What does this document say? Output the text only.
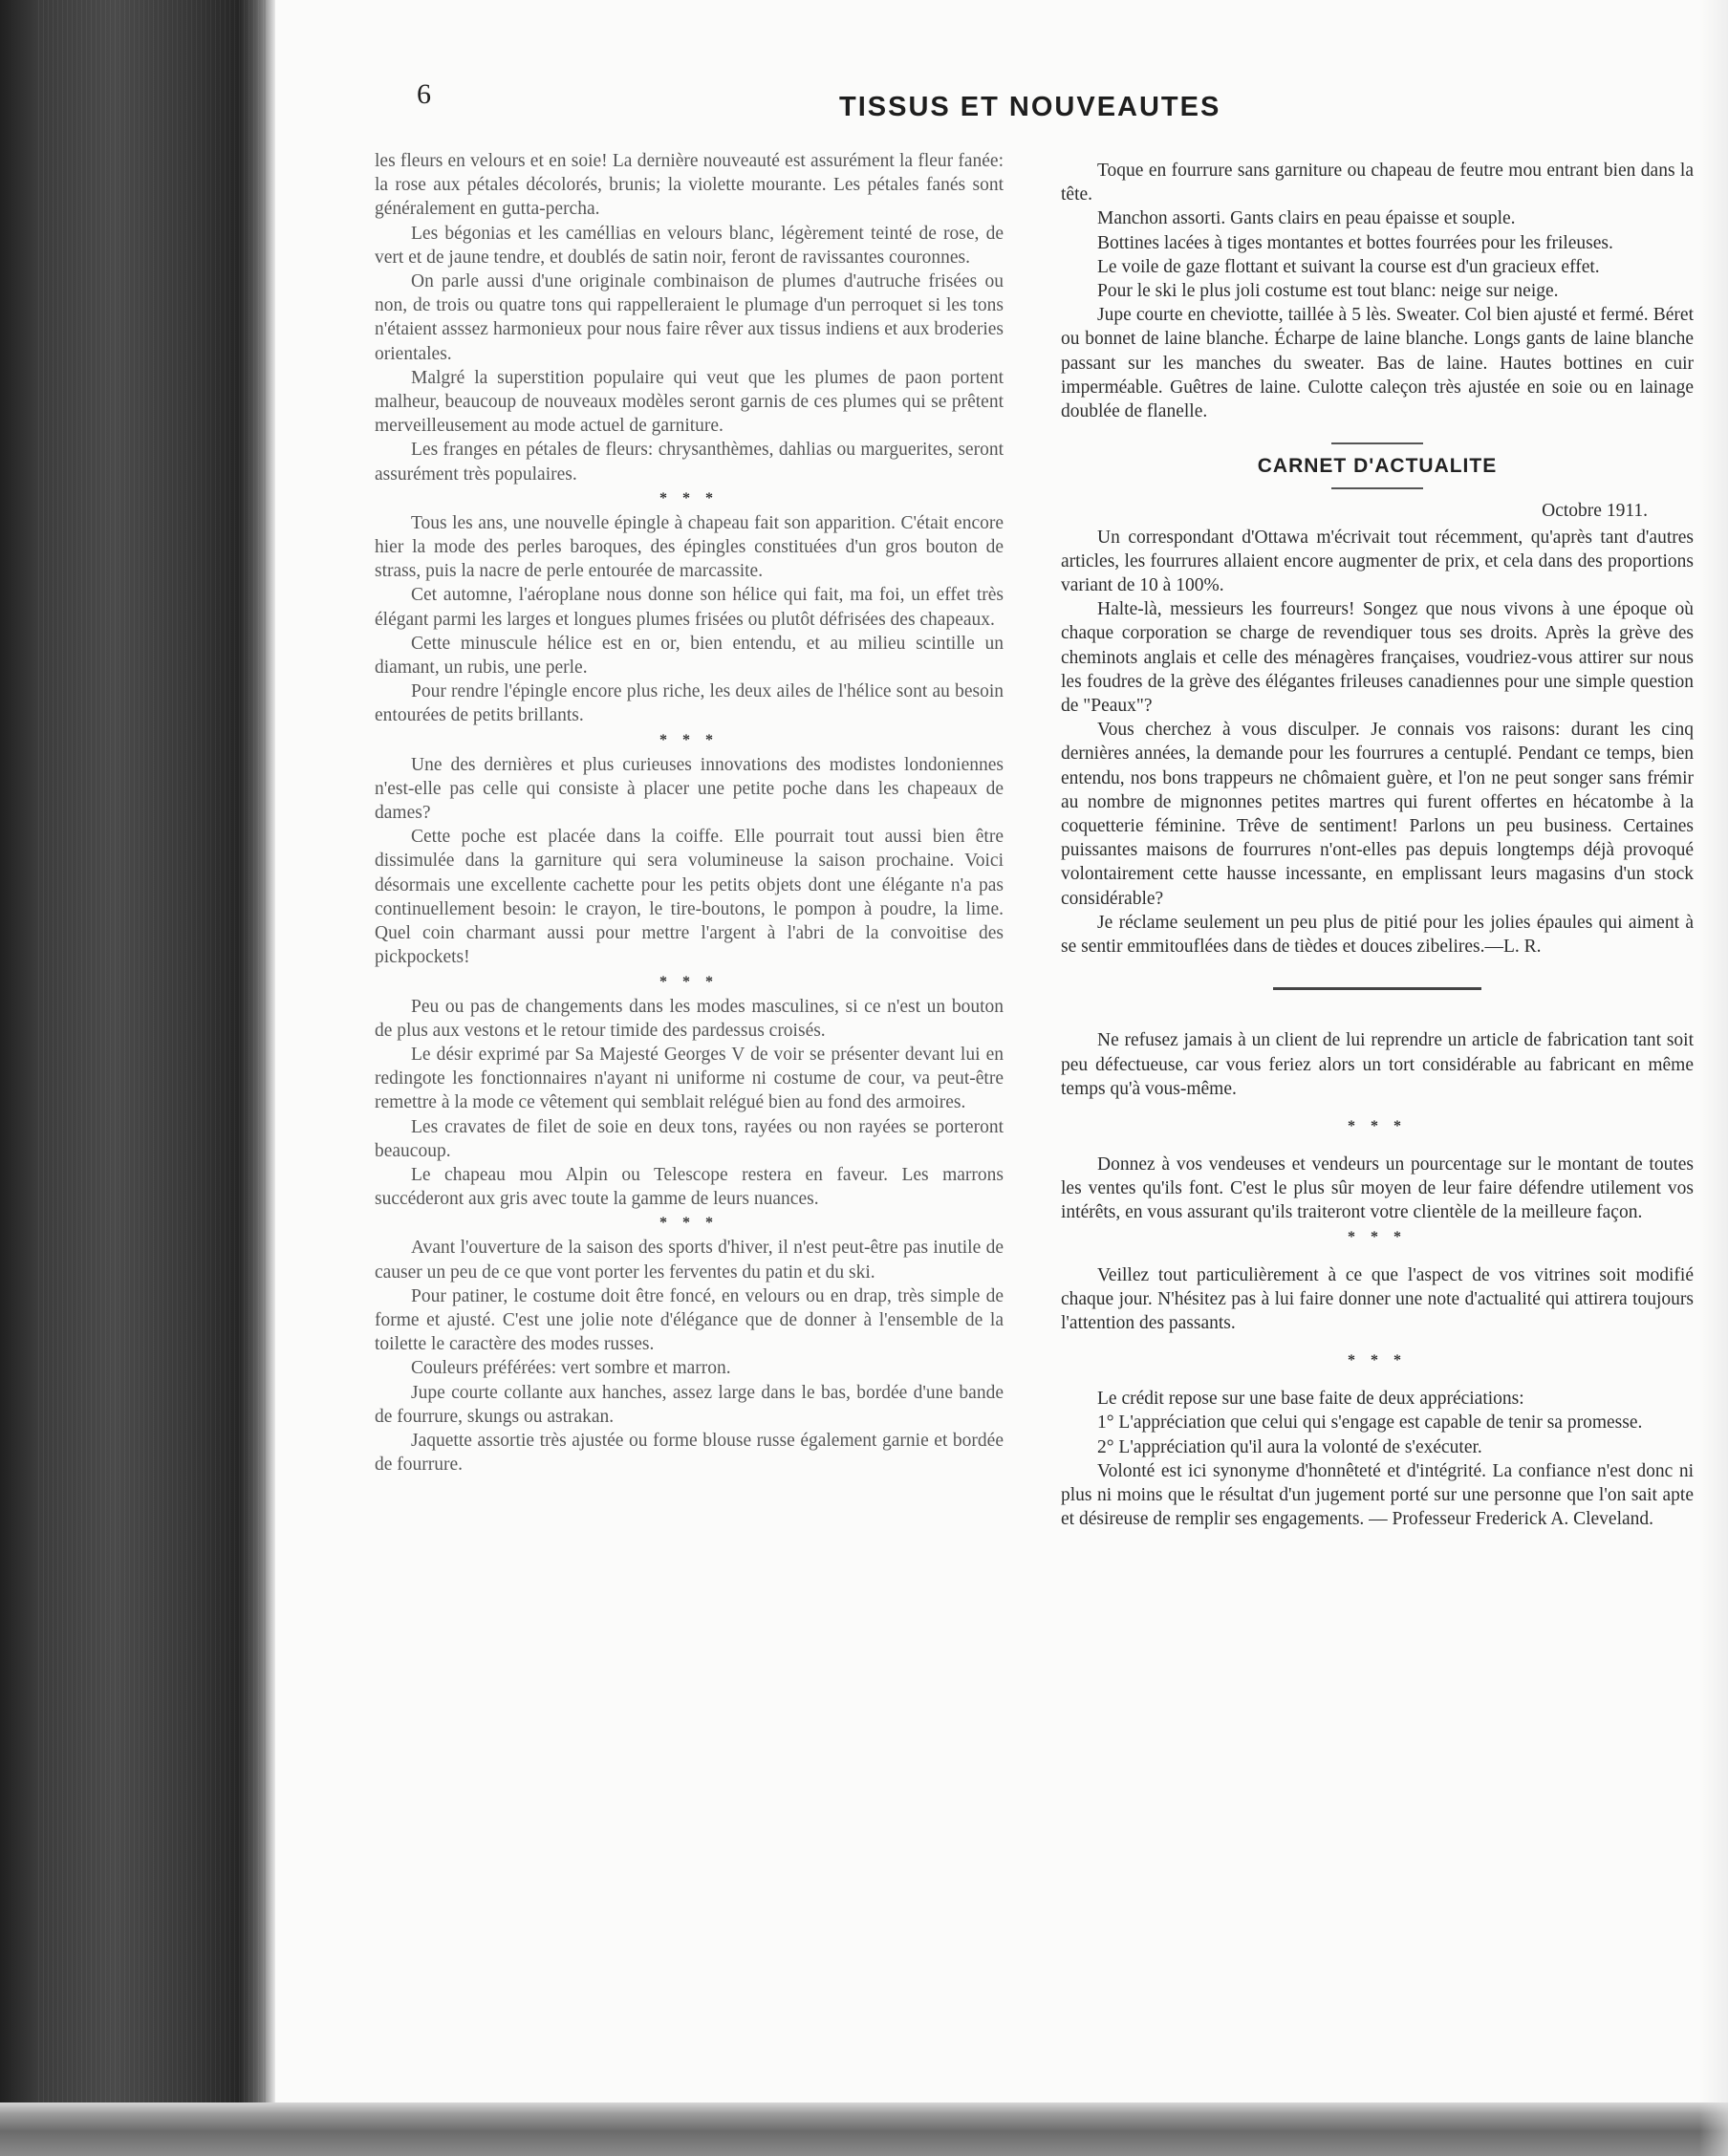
6	TISSUS ET NOUVEAUTES

les fleurs en velours et en soie! La dernière nouveauté est assurément la fleur fanée: la rose aux pétales décolorés, brunis; la violette mourante. Les pétales fanés sont généralement en gutta-percha.

Les bégonias et les caméllias en velours blanc, légèrement teinté de rose, de vert et de jaune tendre, et doublés de satin noir, feront de ravissantes couronnes.

On parle aussi d'une originale combinaison de plumes d'autruche frisées ou non, de trois ou quatre tons qui rappelleraient le plumage d'un perroquet si les tons n'étaient asssez harmonieux pour nous faire rêver aux tissus indiens et aux broderies orientales.

Malgré la superstition populaire qui veut que les plumes de paon portent malheur, beaucoup de nouveaux modèles seront garnis de ces plumes qui se prêtent merveilleusement au mode actuel de garniture.

Les franges en pétales de fleurs: chrysanthèmes, dahlias ou marguerites, seront assurément très populaires.

* * *

Tous les ans, une nouvelle épingle à chapeau fait son apparition. C'était encore hier la mode des perles baroques, des épingles constituées d'un gros bouton de strass, puis la nacre de perle entourée de marcassite.

Cet automne, l'aéroplane nous donne son hélice qui fait, ma foi, un effet très élégant parmi les larges et longues plumes frisées ou plutôt défrisées des chapeaux.

Cette minuscule hélice est en or, bien entendu, et au milieu scintille un diamant, un rubis, une perle.

Pour rendre l'épingle encore plus riche, les deux ailes de l'hélice sont au besoin entourées de petits brillants.

* * *

Une des dernières et plus curieuses innovations des modistes londoniennes n'est-elle pas celle qui consiste à placer une petite poche dans les chapeaux de dames?

Cette poche est placée dans la coiffe. Elle pourrait tout aussi bien être dissimulée dans la garniture qui sera volumineuse la saison prochaine. Voici désormais une excellente cachette pour les petits objets dont une élégante n'a pas continuellement besoin: le crayon, le tire-boutons, le pompon à poudre, la lime. Quel coin charmant aussi pour mettre l'argent à l'abri de la convoitise des pickpockets!

* * *

Peu ou pas de changements dans les modes masculines, si ce n'est un bouton de plus aux vestons et le retour timide des pardessus croisés.

Le désir exprimé par Sa Majesté Georges V de voir se présenter devant lui en redingote les fonctionnaires n'ayant ni uniforme ni costume de cour, va peut-être remettre à la mode ce vêtement qui semblait relégué bien au fond des armoires.

Les cravates de filet de soie en deux tons, rayées ou non rayées se porteront beaucoup.

Le chapeau mou Alpin ou Telescope restera en faveur. Les marrons succéderont aux gris avec toute la gamme de leurs nuances.

* * *

Avant l'ouverture de la saison des sports d'hiver, il n'est peut-être pas inutile de causer un peu de ce que vont porter les ferventes du patin et du ski.

Pour patiner, le costume doit être foncé, en velours ou en drap, très simple de forme et ajusté. C'est une jolie note d'élégance que de donner à l'ensemble de la toilette le caractère des modes russes.

Couleurs préférées: vert sombre et marron.

Jupe courte collante aux hanches, assez large dans le bas, bordée d'une bande de fourrure, skungs ou astrakan.

Jaquette assortie très ajustée ou forme blouse russe également garnie et bordée de fourrure.

Toque en fourrure sans garniture ou chapeau de feutre mou entrant bien dans la tête.

Manchon assorti. Gants clairs en peau épaisse et souple.

Bottines lacées à tiges montantes et bottes fourrées pour les frileuses.

Le voile de gaze flottant et suivant la course est d'un gracieux effet.

Pour le ski le plus joli costume est tout blanc: neige sur neige.

Jupe courte en cheviotte, taillée à 5 lès. Sweater. Col bien ajusté et fermé. Béret ou bonnet de laine blanche. Écharpe de laine blanche. Longs gants de laine blanche passant sur les manches du sweater. Bas de laine. Hautes bottines en cuir imperméable. Guêtres de laine. Culotte caleçon très ajustée en soie ou en lainage doublée de flanelle.

CARNET D'ACTUALITE
Octobre 1911.

Un correspondant d'Ottawa m'écrivait tout récemment, qu'après tant d'autres articles, les fourrures allaient encore augmenter de prix, et cela dans des proportions variant de 10 à 100%.

Halte-là, messieurs les fourreurs! Songez que nous vivons à une époque où chaque corporation se charge de revendiquer tous ses droits. Après la grève des cheminots anglais et celle des ménagères françaises, voudriez-vous attirer sur nous les foudres de la grève des élégantes frileuses canadiennes pour une simple question de "Peaux"?

Vous cherchez à vous disculper. Je connais vos raisons: durant les cinq dernières années, la demande pour les fourrures a centuplé. Pendant ce temps, bien entendu, nos bons trappeurs ne chômaient guère, et l'on ne peut songer sans frémir au nombre de mignonnes petites martres qui furent offertes en hécatombe à la coquetterie féminine. Trêve de sentiment! Parlons un peu business. Certaines puissantes maisons de fourrures n'ont-elles pas depuis longtemps déjà provoqué volontairement cette hausse incessante, en emplissant leurs magasins d'un stock considérable?

Je réclame seulement un peu plus de pitié pour les jolies épaules qui aiment à se sentir emmitouflées dans de tièdes et douces zibelires.—L. R.

Ne refusez jamais à un client de lui reprendre un article de fabrication tant soit peu défectueuse, car vous feriez alors un tort considérable au fabricant en même temps qu'à vous-même.

* * *

Donnez à vos vendeuses et vendeurs un pourcentage sur le montant de toutes les ventes qu'ils font. C'est le plus sûr moyen de leur faire défendre utilement vos intérêts, en vous assurant qu'ils traiteront votre clientèle de la meilleure façon.

* * *

Veillez tout particulièrement à ce que l'aspect de vos vitrines soit modifié chaque jour. N'hésitez pas à lui faire donner une note d'actualité qui attirera toujours l'attention des passants.

* * *

Le crédit repose sur une base faite de deux appréciations:

1° L'appréciation que celui qui s'engage est capable de tenir sa promesse.

2° L'appréciation qu'il aura la volonté de s'exécuter.

Volonté est ici synonyme d'honnêteté et d'intégrité. La confiance n'est donc ni plus ni moins que le résultat d'un jugement porté sur une personne que l'on sait apte et désireuse de remplir ses engagements. — Professeur Frederick A. Cleveland.
